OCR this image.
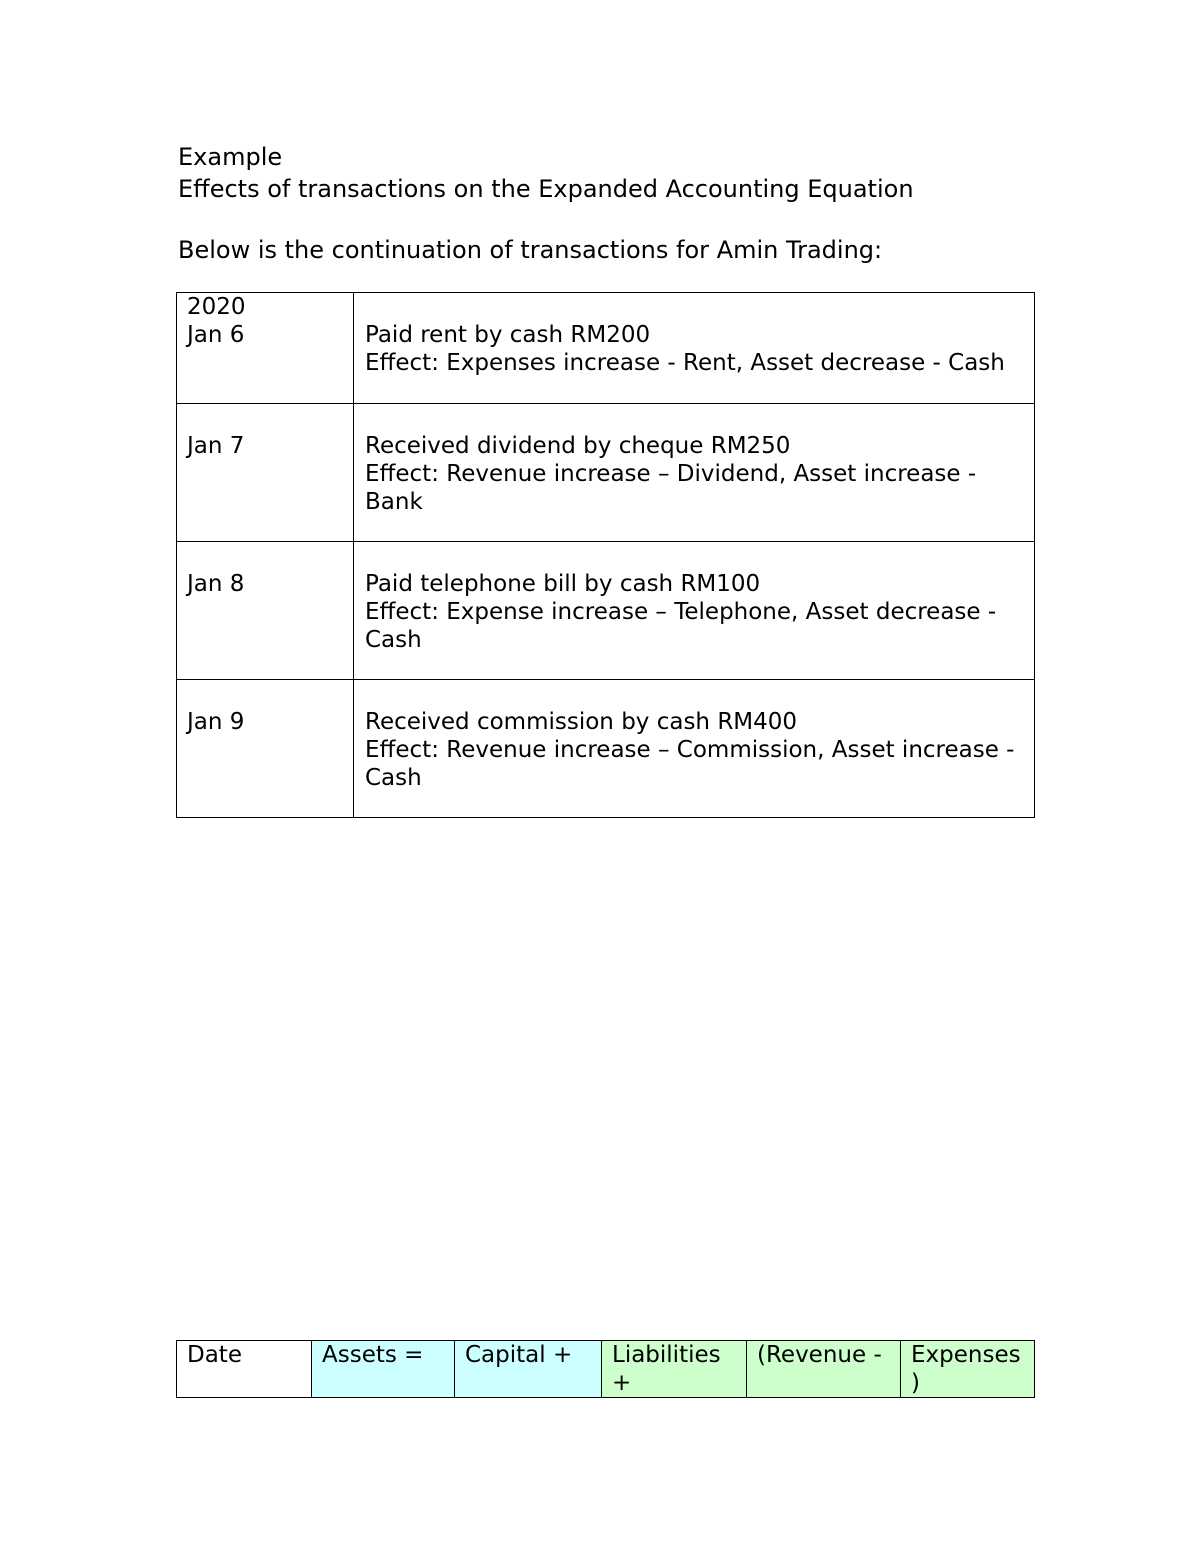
Example
Effects of transactions on the Expanded Accounting Equation
Below is the continuation of transactions for Amin Trading:
2020
Jan 6	Paid rent by cash RM200
Effect: Expenses increase - Rent, Asset decrease - Cash

Jan 7	Received dividend by cheque RM250
Effect: Revenue increase – Dividend, Asset increase - Bank

Jan 8	Paid telephone bill by cash RM100
Effect: Expense increase – Telephone, Asset decrease - Cash

Jan 9	Received commission by cash RM400
Effect: Revenue increase – Commission, Asset increase - Cash
Date	Assets =	Capital +	Liabilities +	(Revenue -	Expenses )
